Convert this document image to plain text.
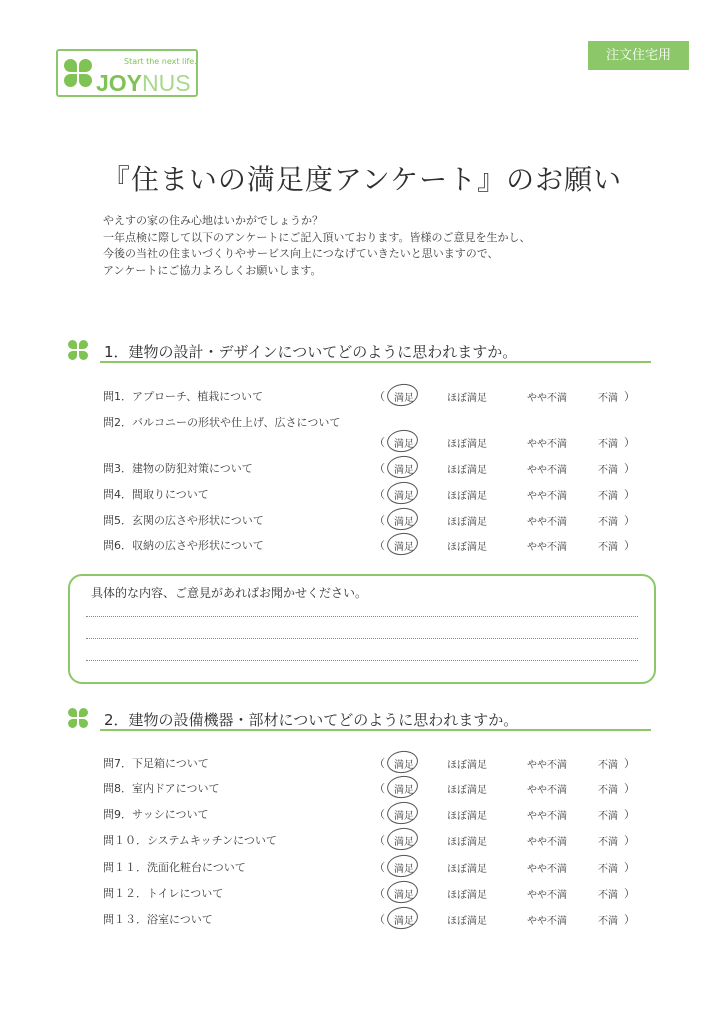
Start the next life.
JOYNUS
注文住宅用
『住まいの満足度アンケート』のお願い
やえすの家の住み心地はいかがでしょうか？
一年点検に際して以下のアンケートにご記入頂いております。皆様のご意見を生かし、
今後の当社の住まいづくりやサービス向上につなげていきたいと思いますので、
アンケートにご協力よろしくお願いします。
1．建物の設計・デザインについてどのように思われますか。
問1．アプローチ、植栽について	（ 満足	ほぼ満足	やや不満	不満 ）
問2．バルコニーの形状や仕上げ、広さについて
（ 満足	ほぼ満足	やや不満	不満 ）
問3．建物の防犯対策について	（ 満足	ほぼ満足	やや不満	不満 ）
問4．間取りについて	（ 満足	ほぼ満足	やや不満	不満 ）
問5．玄関の広さや形状について	（ 満足	ほぼ満足	やや不満	不満 ）
問6．収納の広さや形状について	（ 満足	ほぼ満足	やや不満	不満 ）
具体的な内容、ご意見があればお聞かせください。
2．建物の設備機器・部材についてどのように思われますか。
問7．下足箱について	（ 満足	ほぼ満足	やや不満	不満 ）
問8．室内ドアについて	（ 満足	ほぼ満足	やや不満	不満 ）
問9．サッシについて	（ 満足	ほぼ満足	やや不満	不満 ）
問１０．システムキッチンについて	（ 満足	ほぼ満足	やや不満	不満 ）
問１１．洗面化粧台について	（ 満足	ほぼ満足	やや不満	不満 ）
問１２．トイレについて	（ 満足	ほぼ満足	やや不満	不満 ）
問１３．浴室について	（ 満足	ほぼ満足	やや不満	不満 ）
